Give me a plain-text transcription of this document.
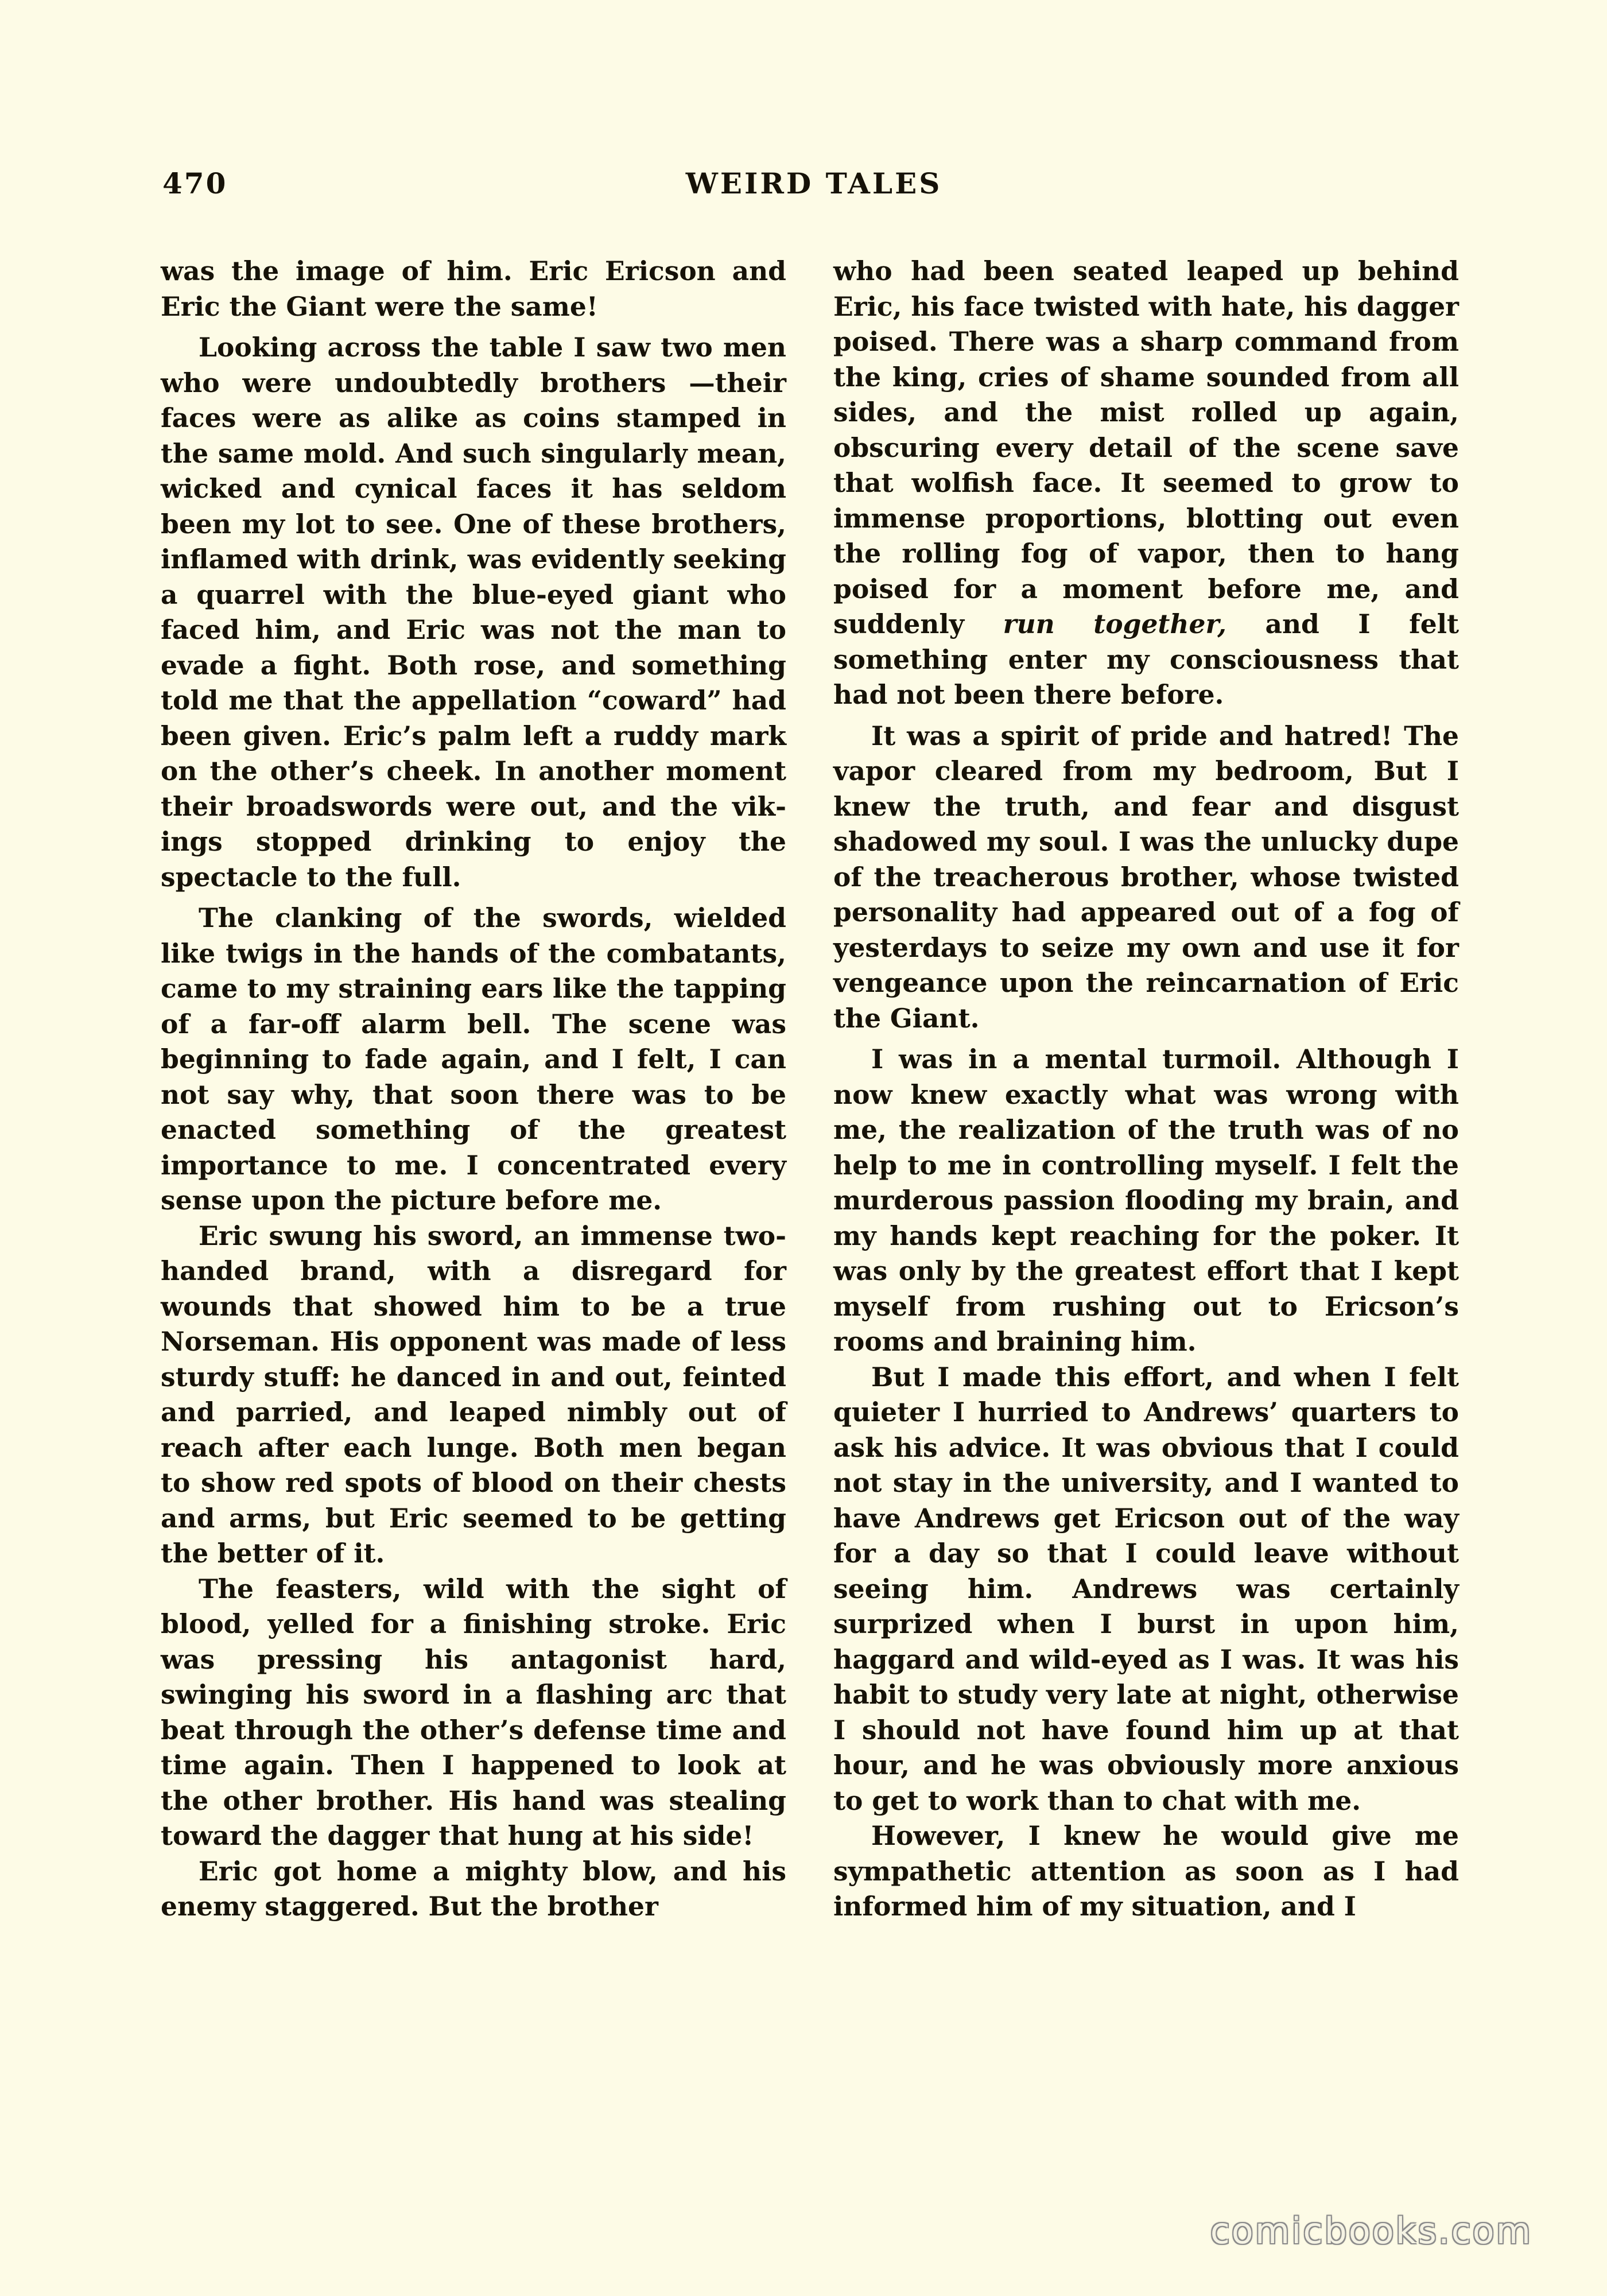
470	WEIRD TALES

was the image of him. Eric Ericson and Eric the Giant were the same!

Looking across the table I saw two men who were undoubtedly brothers —their faces were as alike as coins stamped in the same mold. And such singularly mean, wicked and cynical faces it has seldom been my lot to see. One of these brothers, inflamed with drink, was evidently seeking a quarrel with the blue-eyed giant who faced him, and Eric was not the man to evade a fight. Both rose, and something told me that the appellation “coward” had been given. Eric’s palm left a ruddy mark on the other’s cheek. In another moment their broadswords were out, and the vikings stopped drinking to enjoy the spectacle to the full.

The clanking of the swords, wielded like twigs in the hands of the combatants, came to my straining ears like the tapping of a far-off alarm bell. The scene was beginning to fade again, and I felt, I can not say why, that soon there was to be enacted something of the greatest importance to me. I concentrated every sense upon the picture before me.

Eric swung his sword, an immense two-handed brand, with a disregard for wounds that showed him to be a true Norseman. His opponent was made of less sturdy stuff: he danced in and out, feinted and parried, and leaped nimbly out of reach after each lunge. Both men began to show red spots of blood on their chests and arms, but Eric seemed to be getting the better of it.

The feasters, wild with the sight of blood, yelled for a finishing stroke. Eric was pressing his antagonist hard, swinging his sword in a flashing arc that beat through the other’s defense time and time again. Then I happened to look at the other brother. His hand was stealing toward the dagger that hung at his side!

Eric got home a mighty blow, and his enemy staggered. But the brother

who had been seated leaped up behind Eric, his face twisted with hate, his dagger poised. There was a sharp command from the king, cries of shame sounded from all sides, and the mist rolled up again, obscuring every detail of the scene save that wolfish face. It seemed to grow to immense proportions, blotting out even the rolling fog of vapor, then to hang poised for a moment before me, and suddenly run together, and I felt something enter my consciousness that had not been there before.

It was a spirit of pride and hatred! The vapor cleared from my bedroom, But I knew the truth, and fear and disgust shadowed my soul. I was the unlucky dupe of the treacherous brother, whose twisted personality had appeared out of a fog of yesterdays to seize my own and use it for vengeance upon the reincarnation of Eric the Giant.

I was in a mental turmoil. Although I now knew exactly what was wrong with me, the realization of the truth was of no help to me in controlling myself. I felt the murderous passion flooding my brain, and my hands kept reaching for the poker. It was only by the greatest effort that I kept myself from rushing out to Ericson’s rooms and braining him.

But I made this effort, and when I felt quieter I hurried to Andrews’ quarters to ask his advice. It was obvious that I could not stay in the university, and I wanted to have Andrews get Ericson out of the way for a day so that I could leave without seeing him. Andrews was certainly surprized when I burst in upon him, haggard and wild-eyed as I was. It was his habit to study very late at night, otherwise I should not have found him up at that hour, and he was obviously more anxious to get to work than to chat with me.

However, I knew he would give me sympathetic attention as soon as I had informed him of my situation, and I

comicbooks.com
